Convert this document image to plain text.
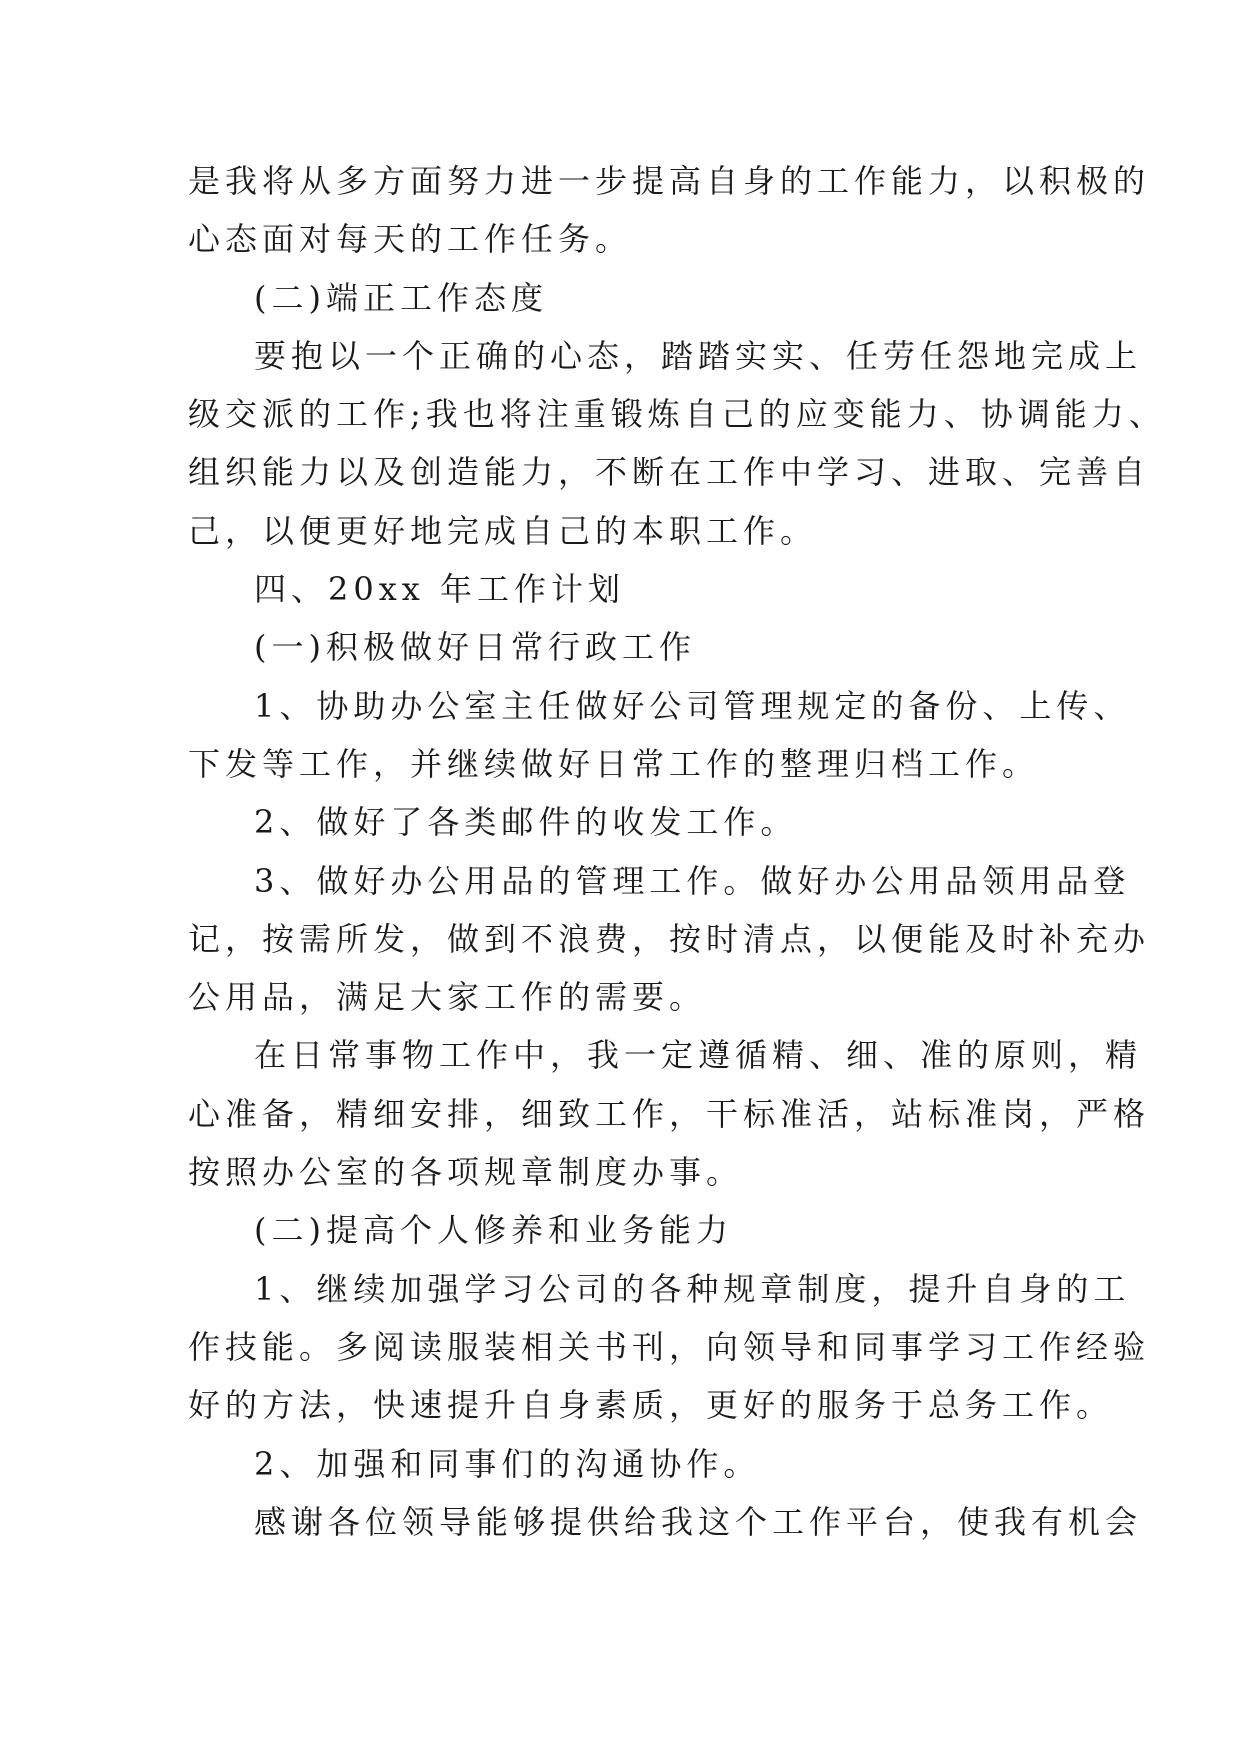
是我将从多方面努力进一步提高自身的工作能力，以积极的
心态面对每天的工作任务。
(二)端正工作态度
要抱以一个正确的心态，踏踏实实、任劳任怨地完成上
级交派的工作;我也将注重锻炼自己的应变能力、协调能力、
组织能力以及创造能力，不断在工作中学习、进取、完善自
己，以便更好地完成自己的本职工作。
四、20xx 年工作计划
(一)积极做好日常行政工作
1、协助办公室主任做好公司管理规定的备份、上传、
下发等工作，并继续做好日常工作的整理归档工作。
2、做好了各类邮件的收发工作。
3、做好办公用品的管理工作。做好办公用品领用品登
记，按需所发，做到不浪费，按时清点，以便能及时补充办
公用品，满足大家工作的需要。
在日常事物工作中，我一定遵循精、细、准的原则，精
心准备，精细安排，细致工作，干标准活，站标准岗，严格
按照办公室的各项规章制度办事。
(二)提高个人修养和业务能力
1、继续加强学习公司的各种规章制度，提升自身的工
作技能。多阅读服装相关书刊，向领导和同事学习工作经验
好的方法，快速提升自身素质，更好的服务于总务工作。
2、加强和同事们的沟通协作。
感谢各位领导能够提供给我这个工作平台，使我有机会
